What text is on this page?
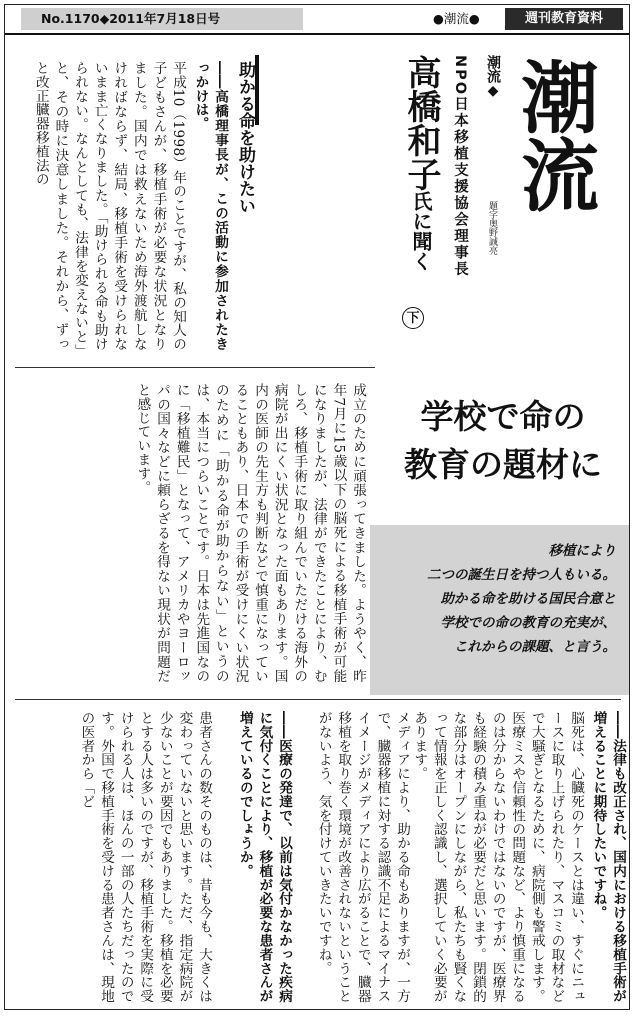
No.1170◆2011年7月18日号	●潮流●	週刊教育資料
潮流
潮流◆
題字奥野誠亮
NPO日本移植支援協会理事長
高橋和子氏に聞く
下
助かる命を助けたい
――高橋理事長が、この活動に参加されたきっかけは。
平成10（1998）年のことですが、私の知人の子どもさんが、移植手術が必要な状況となりました。国内では救えないため海外渡航しなければならず、結局、移植手術を受けられないまま亡くなりました。「助けられる命も助けられない。なんとしても、法律を変えないと」と、その時に決意しました。それから、ずっと改正臓器移植法の
学校で命の
教育の題材に
成立のために頑張ってきました。ようやく、昨年7月に15歳以下の脳死による移植手術が可能になりましたが、法律ができたことにより、むしろ、移植手術に取り組んでいただける海外の病院が出にくい状況となった面もあります。国内の医師の先生方も判断などで慎重になっていることもあり、日本での手術が受けにくい状況のために「助かる命が助からない」というのは、本当につらいことです。日本は先進国なのに「移植難民」となって、アメリカやヨーロッパの国々などに頼らざるを得ない現状が問題だと感じています。
移植により
二つの誕生日を持つ人もいる。
助かる命を助ける国民合意と
学校での命の教育の充実が、
これからの課題、と言う。
――法律も改正され、国内における移植手術が増えることに期待したいですね。
脳死は、心臓死のケースとは違い、すぐにニュースに取り上げられたり、マスコミの取材などで大騒ぎとなるために、病院側も警戒します。医療ミスや信頼性の問題など、より慎重になるのは分からないわけではないのですが、医療界も経験の積み重ねが必要だと思います。閉鎖的な部分はオープンにしながら、私たちも賢くなって情報を正しく認識し、選択していく必要があります。
メディアにより、助かる命もありますが、一方で、臓器移植に対する認識不足によるマイナスイメージがメディアにより広がることで、臓器移植を取り巻く環境が改善されないということがないよう、気を付けていきたいですね。
――医療の発達で、以前は気付かなかった疾病に気付くことにより、移植が必要な患者さんが増えているのでしょうか。
患者さんの数そのものは、昔も今も、大きくは変わっていないと思います。ただ、指定病院が少ないことが要因でもありました。移植を必要とする人は多いのですが、移植手術を実際に受けられる人は、ほんの一部の人たちだったのです。外国で移植手術を受ける患者さんは、現地の医者から「ど
